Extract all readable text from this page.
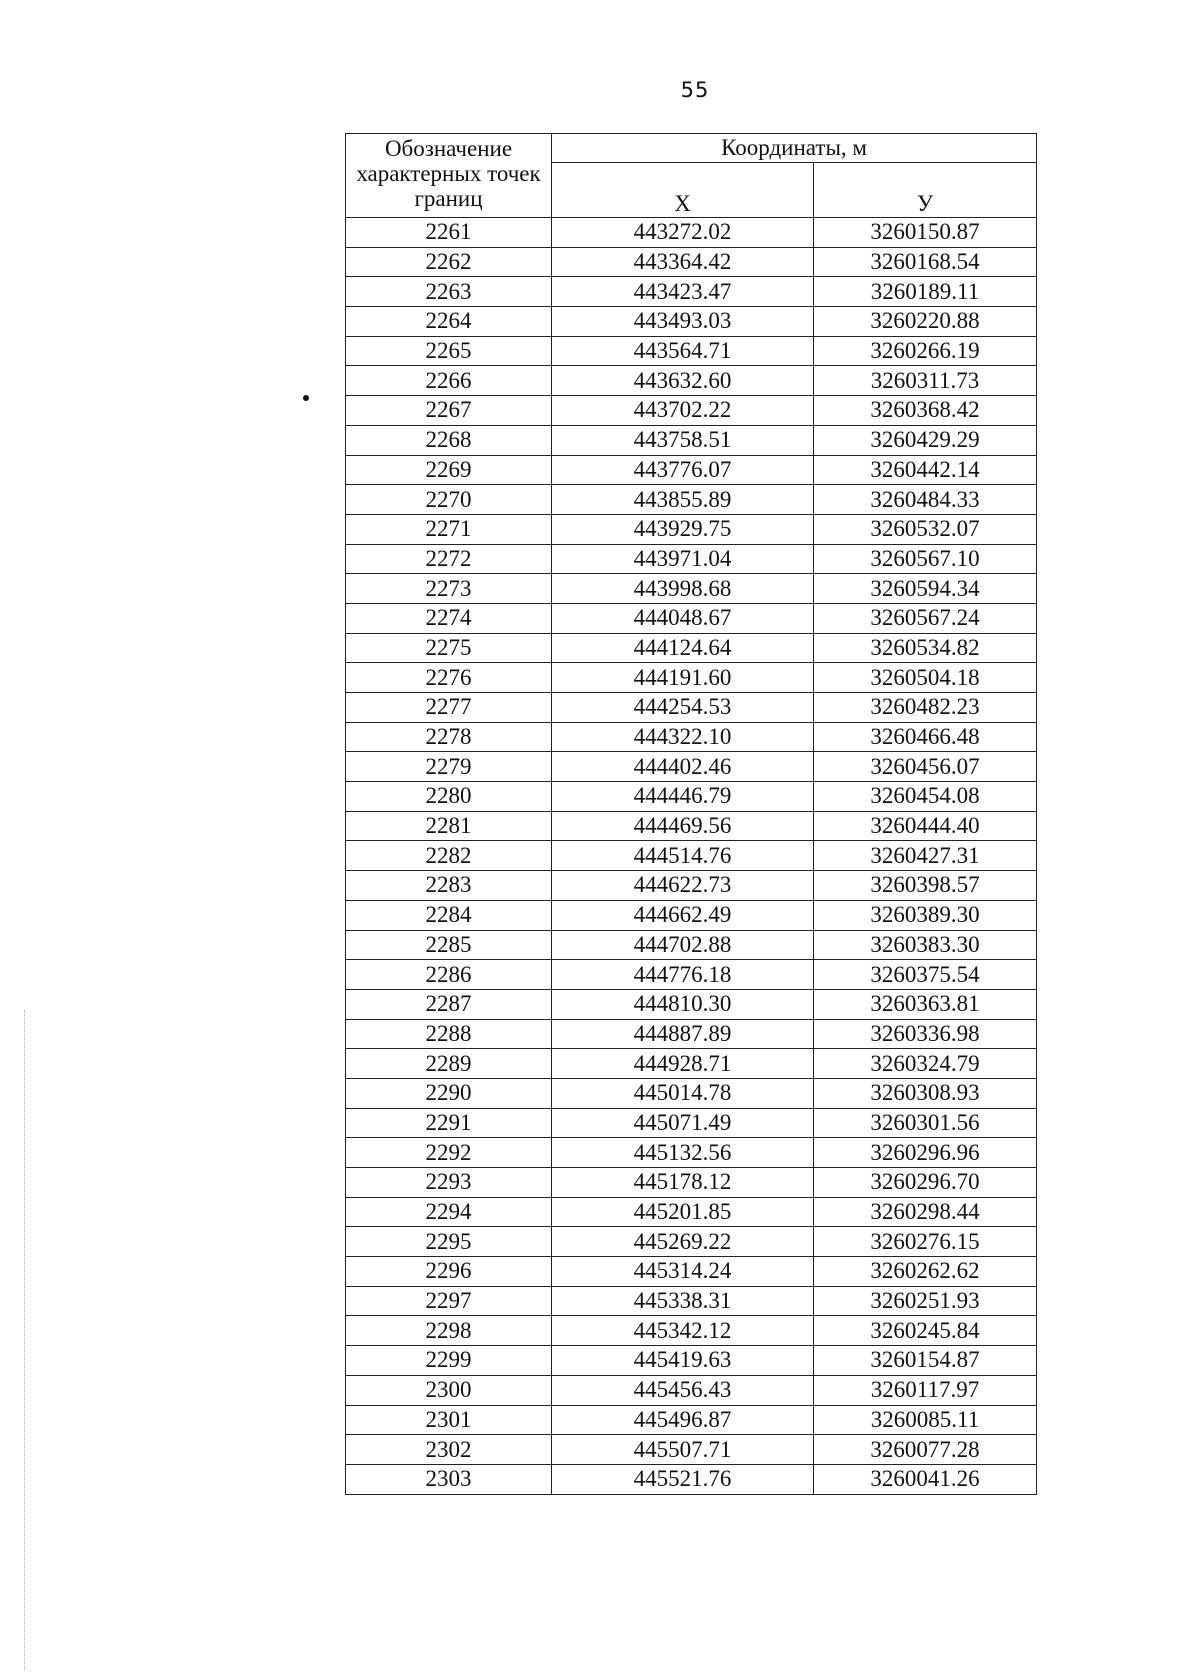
55
Обозначение характерных точек границ	Координаты, м	
	X	У
2261	443272.02	3260150.87
2262	443364.42	3260168.54
2263	443423.47	3260189.11
2264	443493.03	3260220.88
2265	443564.71	3260266.19
2266	443632.60	3260311.73
2267	443702.22	3260368.42
2268	443758.51	3260429.29
2269	443776.07	3260442.14
2270	443855.89	3260484.33
2271	443929.75	3260532.07
2272	443971.04	3260567.10
2273	443998.68	3260594.34
2274	444048.67	3260567.24
2275	444124.64	3260534.82
2276	444191.60	3260504.18
2277	444254.53	3260482.23
2278	444322.10	3260466.48
2279	444402.46	3260456.07
2280	444446.79	3260454.08
2281	444469.56	3260444.40
2282	444514.76	3260427.31
2283	444622.73	3260398.57
2284	444662.49	3260389.30
2285	444702.88	3260383.30
2286	444776.18	3260375.54
2287	444810.30	3260363.81
2288	444887.89	3260336.98
2289	444928.71	3260324.79
2290	445014.78	3260308.93
2291	445071.49	3260301.56
2292	445132.56	3260296.96
2293	445178.12	3260296.70
2294	445201.85	3260298.44
2295	445269.22	3260276.15
2296	445314.24	3260262.62
2297	445338.31	3260251.93
2298	445342.12	3260245.84
2299	445419.63	3260154.87
2300	445456.43	3260117.97
2301	445496.87	3260085.11
2302	445507.71	3260077.28
2303	445521.76	3260041.26
